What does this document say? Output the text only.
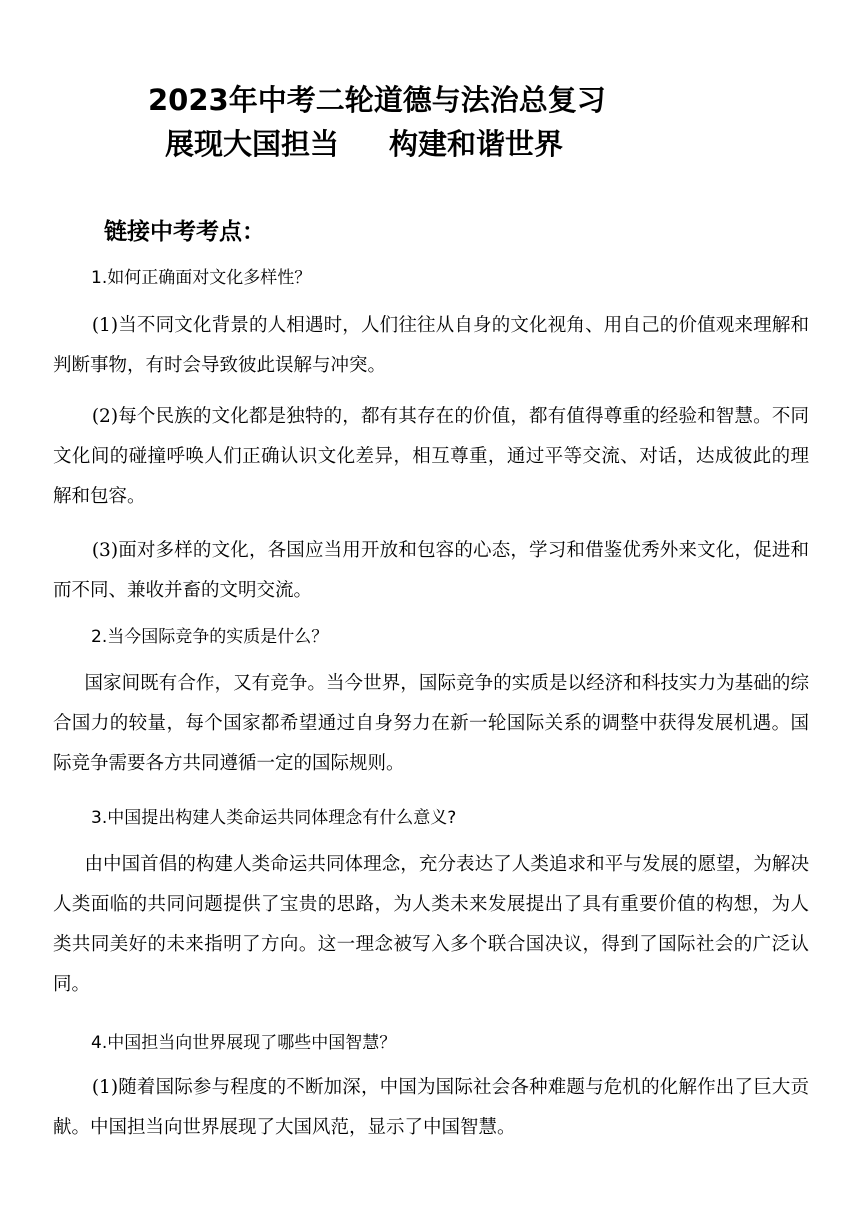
2023年中考二轮道德与法治总复习
展现大国担当 构建和谐世界
链接中考考点：
1.如何正确面对文化多样性？

(1)当不同文化背景的人相遇时，人们往往从自身的文化视角、用自己的价值观来理解和判断事物，有时会导致彼此误解与冲突。

(2)每个民族的文化都是独特的，都有其存在的价值，都有值得尊重的经验和智慧。不同文化间的碰撞呼唤人们正确认识文化差异，相互尊重，通过平等交流、对话，达成彼此的理解和包容。

(3)面对多样的文化，各国应当用开放和包容的心态，学习和借鉴优秀外来文化，促进和而不同、兼收并畜的文明交流。

2.当今国际竞争的实质是什么？

国家间既有合作，又有竞争。当今世界，国际竞争的实质是以经济和科技实力为基础的综合国力的较量，每个国家都希望通过自身努力在新一轮国际关系的调整中获得发展机遇。国际竞争需要各方共同遵循一定的国际规则。

3.中国提出构建人类命运共同体理念有什么意义?

由中国首倡的构建人类命运共同体理念，充分表达了人类追求和平与发展的愿望，为解决人类面临的共同问题提供了宝贵的思路，为人类未来发展提出了具有重要价值的构想，为人类共同美好的未来指明了方向。这一理念被写入多个联合国决议，得到了国际社会的广泛认同。

4.中国担当向世界展现了哪些中国智慧？

(1)随着国际参与程度的不断加深，中国为国际社会各种难题与危机的化解作出了巨大贡献。中国担当向世界展现了大国风范，显示了中国智慧。
